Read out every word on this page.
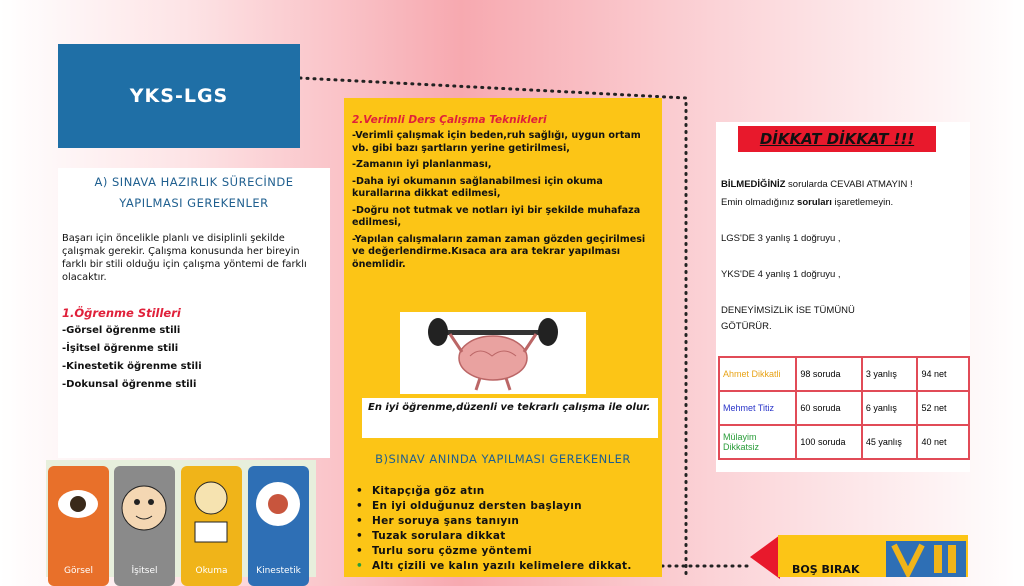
YKS-LGS
A) SINAVA HAZIRLIK SÜRECİNDE YAPILMASI GEREKENLER
Başarı için öncelikle planlı ve disiplinli şekilde çalışmak gerekir. Çalışma konusunda her bireyin farklı bir stili olduğu için çalışma yöntemi de farklı olacaktır.
1.Öğrenme Stilleri
-Görsel öğrenme stili
-İşitsel öğrenme stili
-Kinestetik öğrenme stili
-Dokunsal öğrenme stili
Görsel	İşitsel	Okuma	Kinestetik
2.Verimli Ders Çalışma Teknikleri
-Verimli çalışmak için beden,ruh sağlığı, uygun ortam vb. gibi bazı şartların yerine getirilmesi,
-Zamanın iyi planlanması,
-Daha iyi okumanın sağlanabilmesi için okuma kurallarına dikkat edilmesi,
-Doğru not tutmak ve notları iyi bir şekilde muhafaza edilmesi,
-Yapılan çalışmaların zaman zaman gözden geçirilmesi ve değerlendirme.Kısaca ara ara tekrar yapılması önemlidir.
En iyi öğrenme,düzenli ve tekrarlı çalışma ile olur.
B)SINAV ANINDA YAPILMASI GEREKENLER
• Kitapçığa göz atın
• En iyi olduğunuz dersten başlayın
• Her soruya şans tanıyın
• Tuzak sorulara dikkat
• Turlu soru çözme yöntemi
• Altı çizili ve kalın yazılı kelimelere dikkat.
DİKKAT DİKKAT !!!
BİLMEDİĞİNİZ sorularda CEVABI ATMAYIN !
Emin olmadığınız soruları işaretlemeyin.
LGS'DE 3 yanlış 1 doğruyu ,
YKS'DE 4 yanlış 1 doğruyu ,
DENEYİMSİZLİK İSE TÜMÜNÜ
GÖTÜRÜR.
Ahmet Dikkatli	98 soruda	3 yanlış	94 net
Mehmet Titiz	60 soruda	6 yanlış	52 net
Mülayim Dikkatsiz	100 soruda	45 yanlış	40 net
BOŞ BIRAK
